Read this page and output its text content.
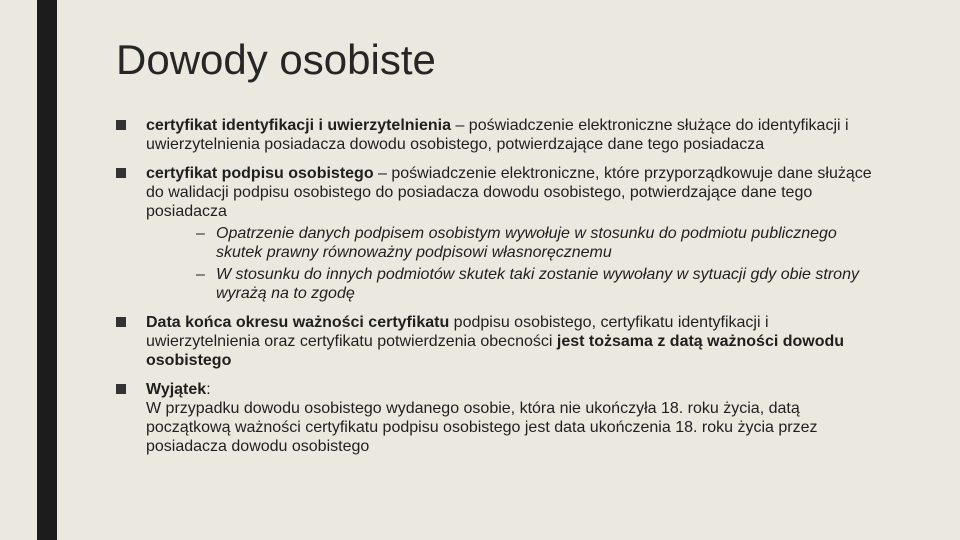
Dowody osobiste
certyfikat identyfikacji i uwierzytelnienia – poświadczenie elektroniczne służące do identyfikacji i uwierzytelnienia posiadacza dowodu osobistego, potwierdzające dane tego posiadacza
certyfikat podpisu osobistego – poświadczenie elektroniczne, które przyporządkowuje dane służące do walidacji podpisu osobistego do posiadacza dowodu osobistego, potwierdzające dane tego posiadacza
– Opatrzenie danych podpisem osobistym wywołuje w stosunku do podmiotu publicznego skutek prawny równoważny podpisowi własnoręcznemu
– W stosunku do innych podmiotów skutek taki zostanie wywołany w sytuacji gdy obie strony wyrażą na to zgodę
Data końca okresu ważności certyfikatu podpisu osobistego, certyfikatu identyfikacji i uwierzytelnienia oraz certyfikatu potwierdzenia obecności jest tożsama z datą ważności dowodu osobistego
Wyjątek:
W przypadku dowodu osobistego wydanego osobie, która nie ukończyła 18. roku życia, datą początkową ważności certyfikatu podpisu osobistego jest data ukończenia 18. roku życia przez posiadacza dowodu osobistego
